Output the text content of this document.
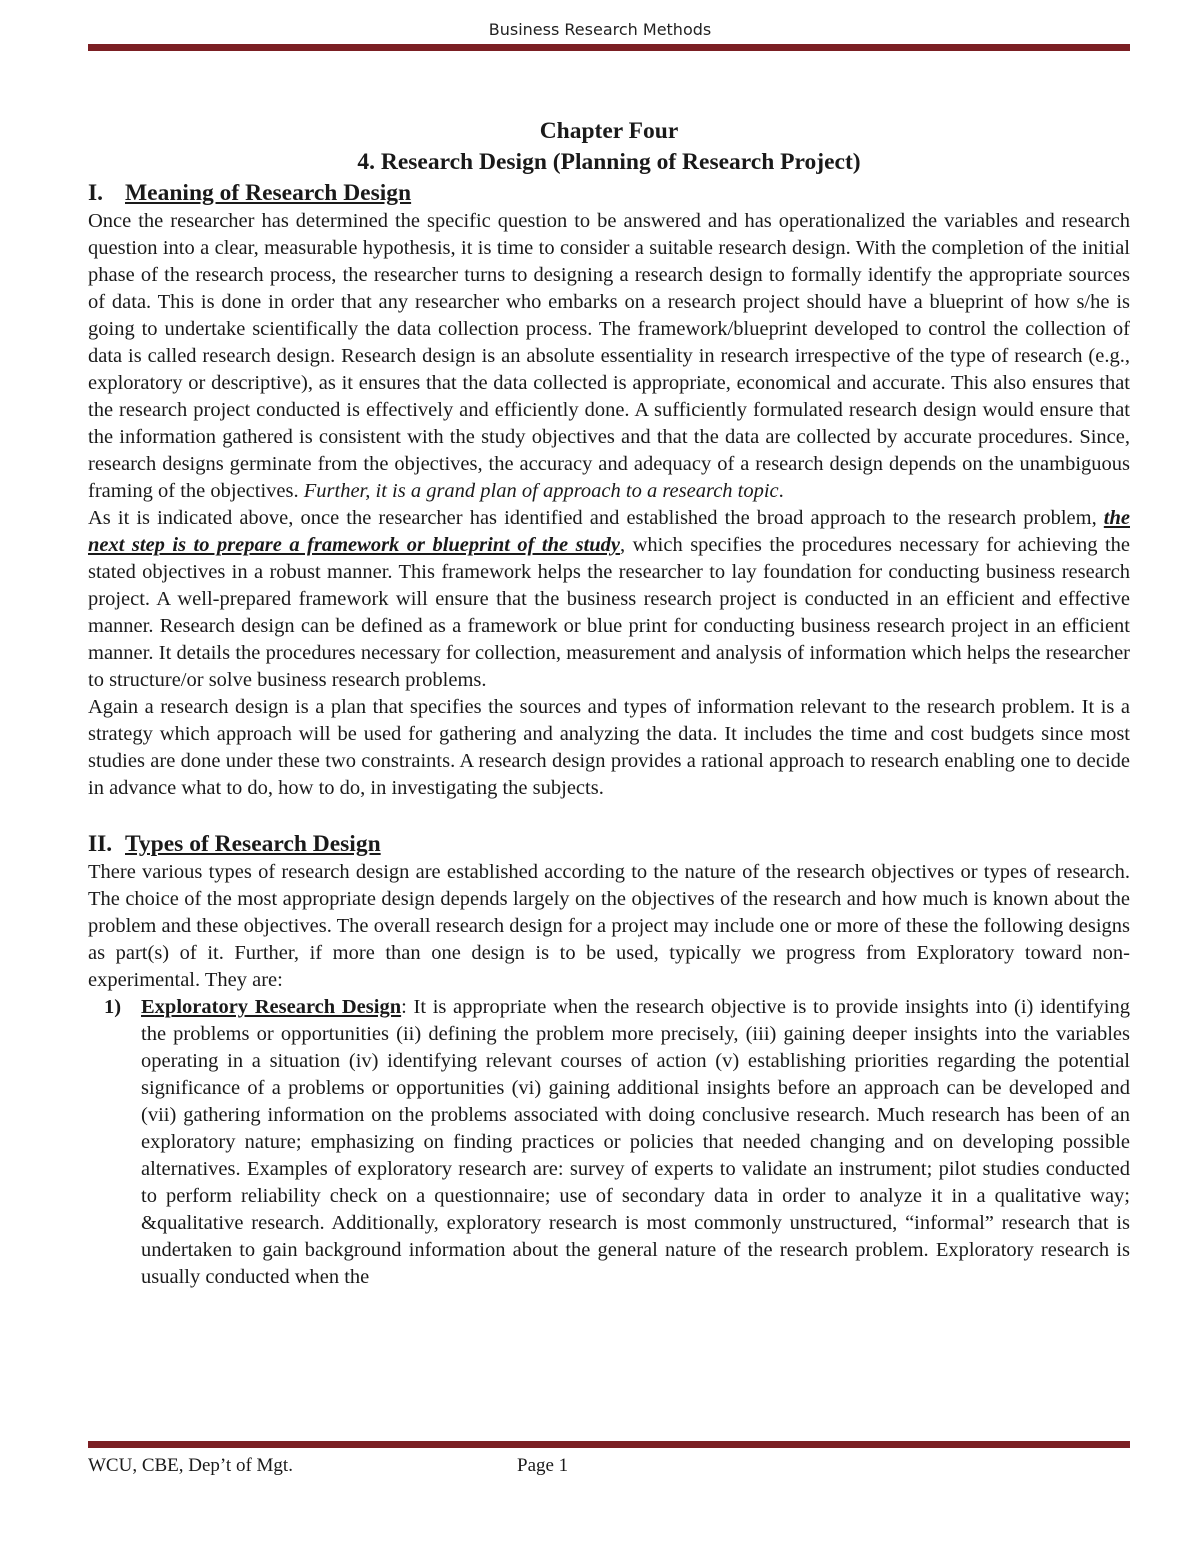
Business Research Methods
Chapter Four
4. Research Design (Planning of Research Project)
I. Meaning of Research Design

Once the researcher has determined the specific question to be answered and has operationalized the variables and research question into a clear, measurable hypothesis, it is time to consider a suitable research design. With the completion of the initial phase of the research process, the researcher turns to designing a research design to formally identify the appropriate sources of data. This is done in order that any researcher who embarks on a research project should have a blueprint of how s/he is going to undertake scientifically the data collection process. The framework/blueprint developed to control the collection of data is called research design. Research design is an absolute essentiality in research irrespective of the type of research (e.g., exploratory or descriptive), as it ensures that the data collected is appropriate, economical and accurate. This also ensures that the research project conducted is effectively and efficiently done. A sufficiently formulated research design would ensure that the information gathered is consistent with the study objectives and that the data are collected by accurate procedures. Since, research designs germinate from the objectives, the accuracy and adequacy of a research design depends on the unambiguous framing of the objectives. Further, it is a grand plan of approach to a research topic.

As it is indicated above, once the researcher has identified and established the broad approach to the research problem, the next step is to prepare a framework or blueprint of the study, which specifies the procedures necessary for achieving the stated objectives in a robust manner. This framework helps the researcher to lay foundation for conducting business research project. A well-prepared framework will ensure that the business research project is conducted in an efficient and effective manner. Research design can be defined as a framework or blue print for conducting business research project in an efficient manner. It details the procedures necessary for collection, measurement and analysis of information which helps the researcher to structure/or solve business research problems.

Again a research design is a plan that specifies the sources and types of information relevant to the research problem. It is a strategy which approach will be used for gathering and analyzing the data. It includes the time and cost budgets since most studies are done under these two constraints. A research design provides a rational approach to research enabling one to decide in advance what to do, how to do, in investigating the subjects.

II. Types of Research Design

There various types of research design are established according to the nature of the research objectives or types of research. The choice of the most appropriate design depends largely on the objectives of the research and how much is known about the problem and these objectives. The overall research design for a project may include one or more of these the following designs as part(s) of it. Further, if more than one design is to be used, typically we progress from Exploratory toward non-experimental. They are:

1) Exploratory Research Design: It is appropriate when the research objective is to provide insights into (i) identifying the problems or opportunities (ii) defining the problem more precisely, (iii) gaining deeper insights into the variables operating in a situation (iv) identifying relevant courses of action (v) establishing priorities regarding the potential significance of a problems or opportunities (vi) gaining additional insights before an approach can be developed and (vii) gathering information on the problems associated with doing conclusive research. Much research has been of an exploratory nature; emphasizing on finding practices or policies that needed changing and on developing possible alternatives. Examples of exploratory research are: survey of experts to validate an instrument; pilot studies conducted to perform reliability check on a questionnaire; use of secondary data in order to analyze it in a qualitative way; &qualitative research. Additionally, exploratory research is most commonly unstructured, “informal” research that is undertaken to gain background information about the general nature of the research problem. Exploratory research is usually conducted when the
WCU, CBE, Dep’t of Mgt.	Page 1
